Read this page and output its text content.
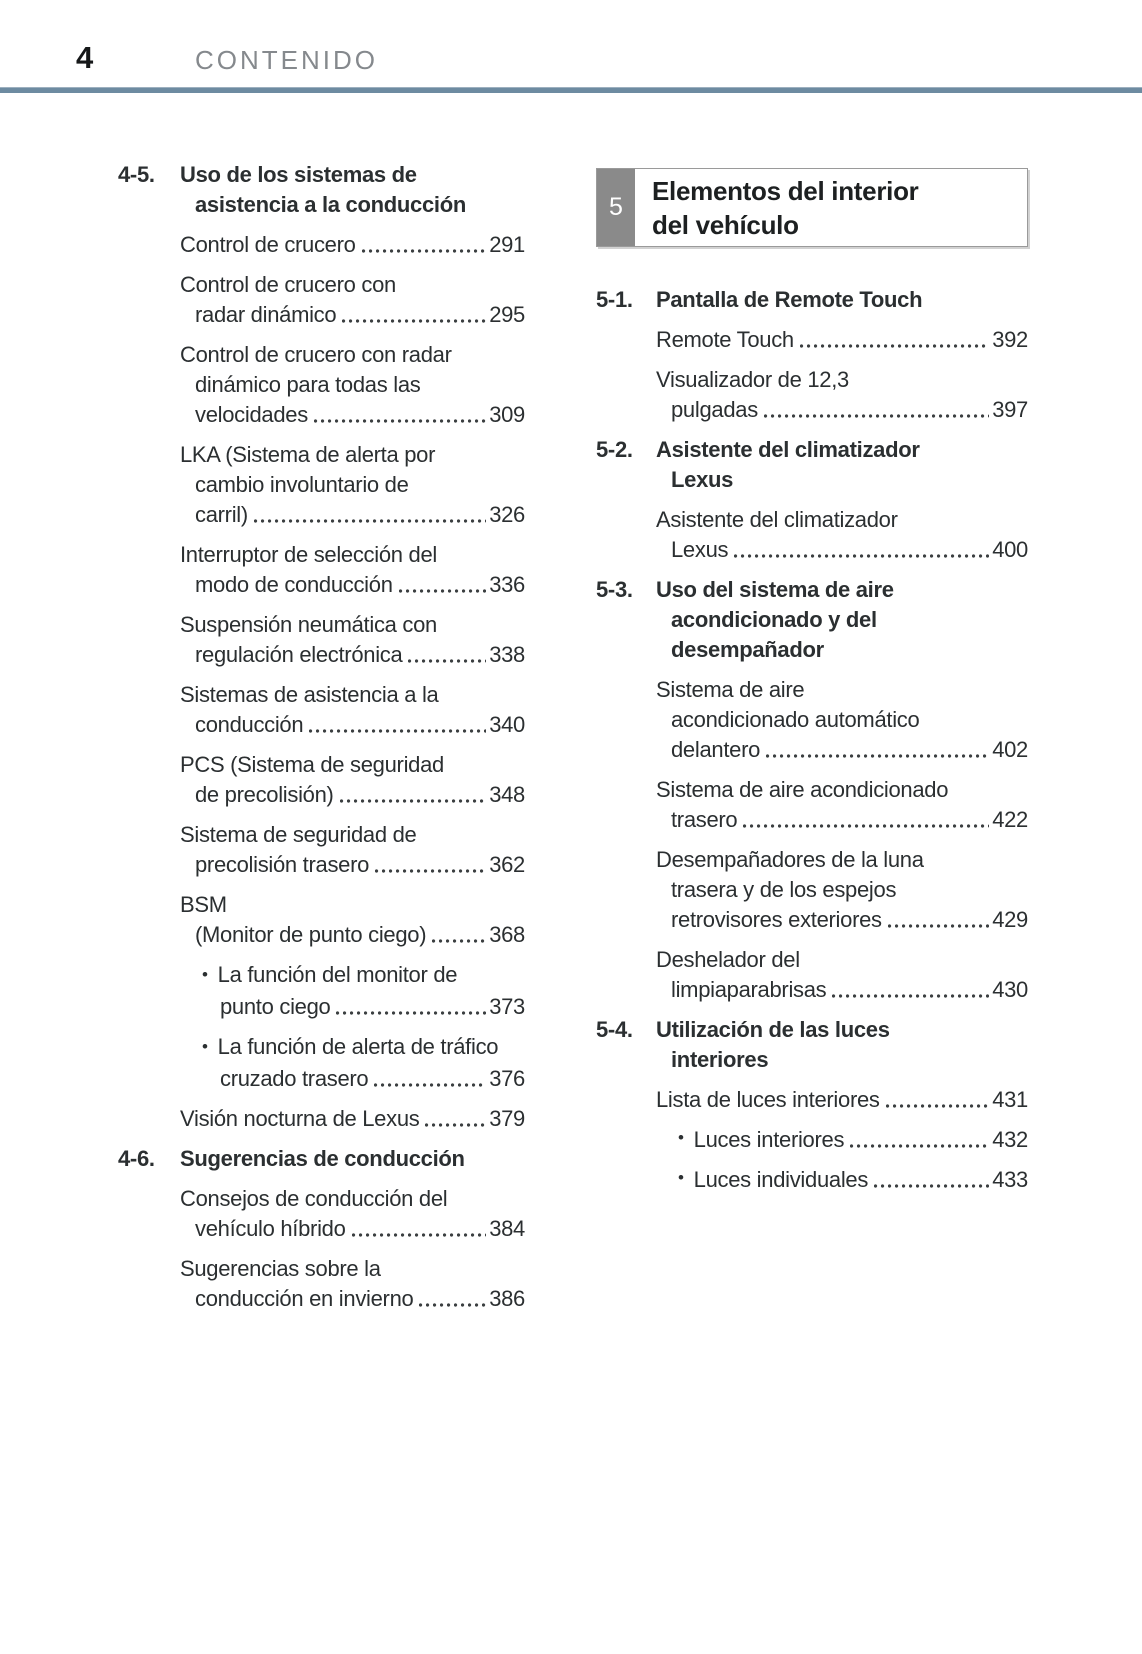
4	CONTENIDO
4-5. Uso de los sistemas de
asistencia a la conducción
Control de crucero	291
Control de crucero con
radar dinámico	295
Control de crucero con radar
dinámico para todas las
velocidades	309
LKA (Sistema de alerta por
cambio involuntario de
carril)	326
Interruptor de selección del
modo de conducción	336
Suspensión neumática con
regulación electrónica	338
Sistemas de asistencia a la
conducción	340
PCS (Sistema de seguridad
de precolisión)	348
Sistema de seguridad de
precolisión trasero	362
BSM
(Monitor de punto ciego)	368
• La función del monitor de
punto ciego	373
• La función de alerta de tráfico
cruzado trasero	376
Visión nocturna de Lexus	379
4-6. Sugerencias de conducción
Consejos de conducción del
vehículo híbrido	384
Sugerencias sobre la
conducción en invierno	386
5
Elementos del interior
del vehículo
5-1. Pantalla de Remote Touch
Remote Touch	392
Visualizador de 12,3
pulgadas	397
5-2. Asistente del climatizador
Lexus
Asistente del climatizador
Lexus	400
5-3. Uso del sistema de aire
acondicionado y del
desempañador
Sistema de aire
acondicionado automático
delantero	402
Sistema de aire acondicionado
trasero	422
Desempañadores de la luna
trasera y de los espejos
retrovisores exteriores	429
Deshelador del
limpiaparabrisas	430
5-4. Utilización de las luces
interiores
Lista de luces interiores	431
• Luces interiores	432
• Luces individuales	433
